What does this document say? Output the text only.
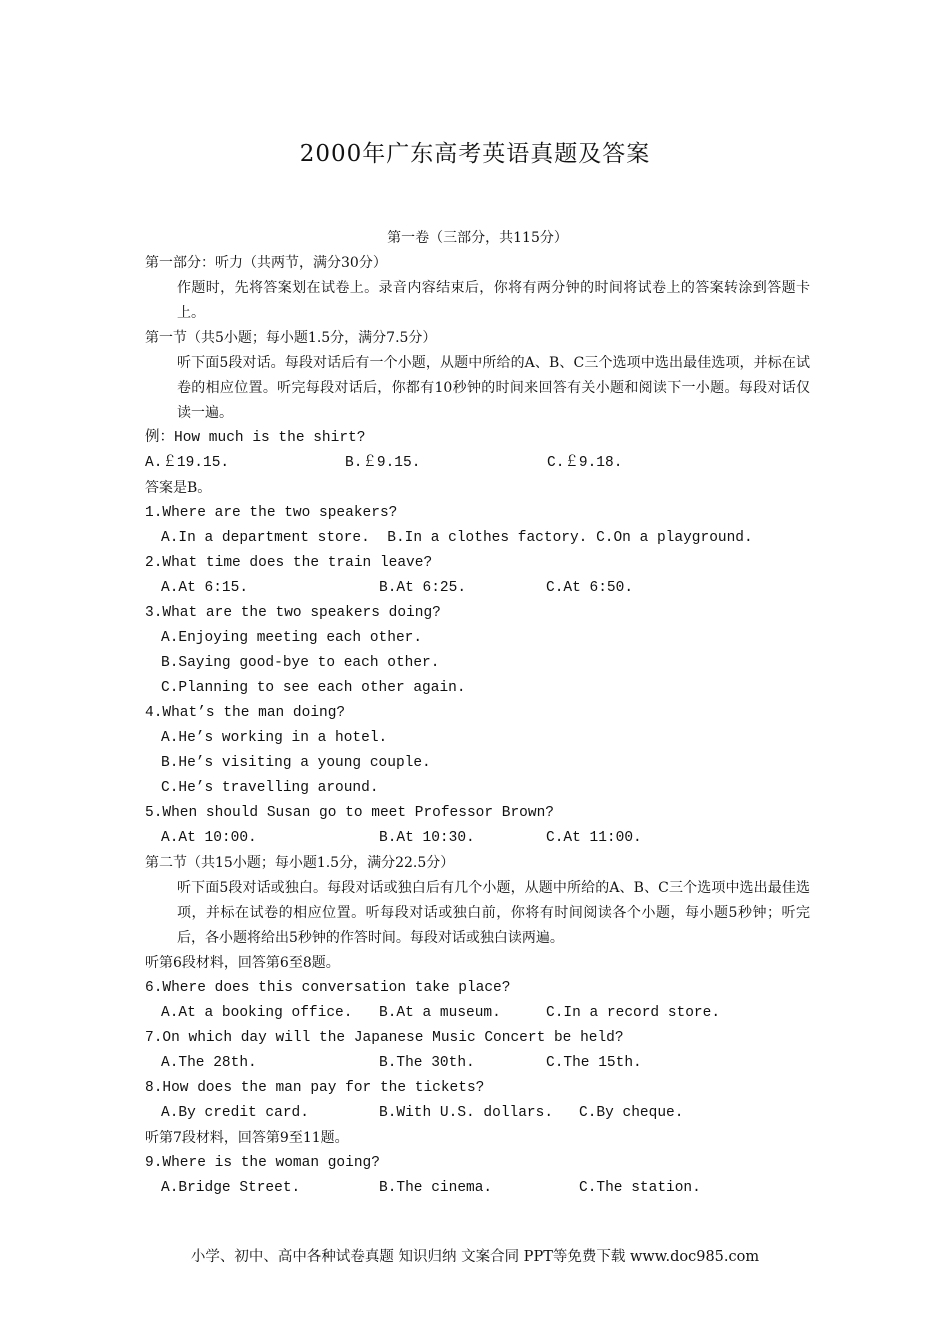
2000年广东高考英语真题及答案
第一卷（三部分，共115分）
第一部分：听力（共两节，满分30分）
作题时，先将答案划在试卷上。录音内容结束后，你将有两分钟的时间将试卷上的答案转涂到答题卡上。
第一节（共5小题；每小题1.5分，满分7.5分）
听下面5段对话。每段对话后有一个小题，从题中所给的A、B、C三个选项中选出最佳选项，并标在试卷的相应位置。听完每段对话后，你都有10秒钟的时间来回答有关小题和阅读下一小题。每段对话仅读一遍。
例：How much is the shirt?
A.￡19.15.	B.￡9.15.	C.￡9.18.
答案是B。
1.Where are the two speakers?
A.In a department store.  B.In a clothes factory. C.On a playground.
2.What time does the train leave?
A.At 6:15.	B.At 6:25.	C.At 6:50.
3.What are the two speakers doing?
A.Enjoying meeting each other.
B.Saying good-bye to each other.
C.Planning to see each other again.
4.What’s the man doing?
A.He’s working in a hotel.
B.He’s visiting a young couple.
C.He’s travelling around.
5.When should Susan go to meet Professor Brown?
A.At 10:00.	B.At 10:30.	C.At 11:00.
第二节（共15小题；每小题1.5分，满分22.5分）
听下面5段对话或独白。每段对话或独白后有几个小题，从题中所给的A、B、C三个选项中选出最佳选项，并标在试卷的相应位置。听每段对话或独白前，你将有时间阅读各个小题，每小题5秒钟；听完后，各小题将给出5秒钟的作答时间。每段对话或独白读两遍。
听第6段材料，回答第6至8题。
6.Where does this conversation take place?
A.At a booking office.	B.At a museum.	C.In a record store.
7.On which day will the Japanese Music Concert be held?
A.The 28th.	B.The 30th.	C.The 15th.
8.How does the man pay for the tickets?
A.By credit card.	B.With U.S. dollars.	C.By cheque.
听第7段材料，回答第9至11题。
9.Where is the woman going?
A.Bridge Street.	B.The cinema.	C.The station.
小学、初中、高中各种试卷真题 知识归纳 文案合同 PPT等免费下载 www.doc985.com
